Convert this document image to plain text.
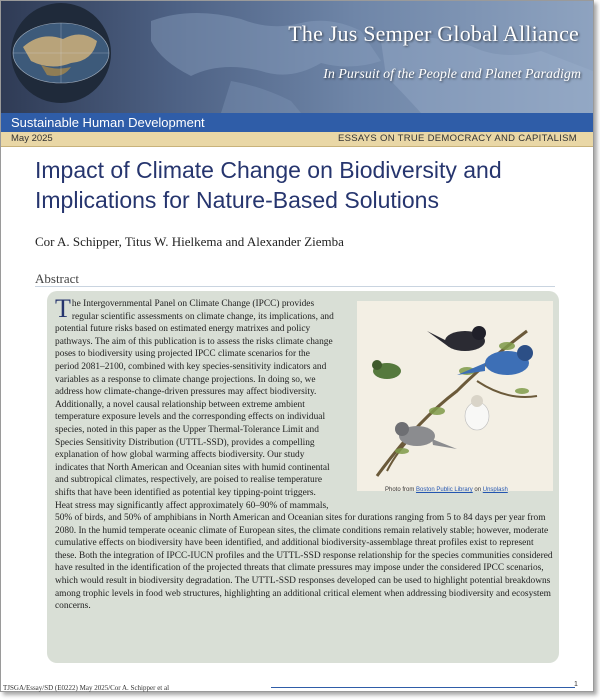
The Jus Semper Global Alliance
In Pursuit of the People and Planet Paradigm
Sustainable Human Development
May 2025	ESSAYS ON TRUE DEMOCRACY AND CAPITALISM
Impact of Climate Change on Biodiversity and Implications for Nature-Based Solutions
Cor A. Schipper, Titus W. Hielkema and Alexander Ziemba
Abstract
The Intergovernmental Panel on Climate Change (IPCC) provides regular scientific assessments on climate change, its implications, and potential future risks based on estimated energy matrixes and policy pathways. The aim of this publication is to assess the risks climate change poses to biodiversity using projected IPCC climate scenarios for the period 2081–2100, combined with key species-sensitivity indicators and variables as a response to climate change projections. In doing so, we address how climate-change-driven pressures may affect biodiversity. Additionally, a novel causal relationship between extreme ambient temperature exposure levels and the corresponding effects on individual species, noted in this paper as the Upper Thermal-Tolerance Limit and Species Sensitivity Distribution (UTTL-SSD), provides a compelling explanation of how global warming affects biodiversity. Our study indicates that North American and Oceanian sites with humid continental and subtropical climates, respectively, are poised to realise temperature shifts that have been identified as potential key tipping-point triggers. Heat stress may significantly affect approximately 60–90% of mammals, 50% of birds, and 50% of amphibians in North American and Oceanian sites for durations ranging from 5 to 84 days per year from 2080. In the humid temperate oceanic climate of European sites, the climate conditions remain relatively stable; however, moderate cumulative effects on biodiversity have been identified, and additional biodiversity-assemblage threat profiles exist to represent these. Both the integration of IPCC-IUCN profiles and the UTTL-SSD response relationship for the species communities considered have resulted in the identification of the projected threats that climate pressures may impose under the considered IPCC scenarios, which would result in biodiversity degradation. The UTTL-SSD responses developed can be used to highlight potential breakdowns among trophic levels in food web structures, highlighting an additional critical element when addressing biodiversity and ecosystem concerns.
Photo from Boston Public Library on Unsplash
TJSGA/Essay/SD (E0222) May 2025/Cor A. Schipper et al	1
